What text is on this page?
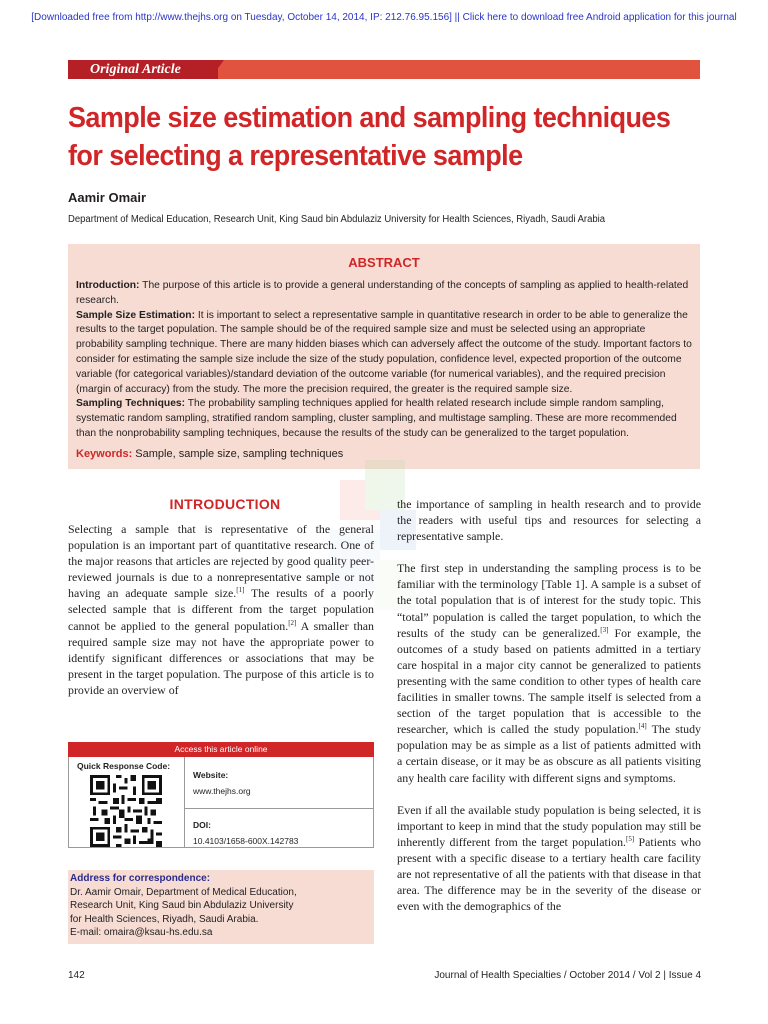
[Downloaded free from http://www.thejhs.org on Tuesday, October 14, 2014, IP: 212.76.95.156] || Click here to download free Android application for this journal
Original Article
Sample size estimation and sampling techniques
for selecting a representative sample
Aamir Omair
Department of Medical Education, Research Unit, King Saud bin Abdulaziz University for Health Sciences, Riyadh, Saudi Arabia
ABSTRACT

Introduction: The purpose of this article is to provide a general understanding of the concepts of sampling as applied to health-related research.

Sample Size Estimation: It is important to select a representative sample in quantitative research in order to be able to generalize the results to the target population. The sample should be of the required sample size and must be selected using an appropriate probability sampling technique. There are many hidden biases which can adversely affect the outcome of the study. Important factors to consider for estimating the sample size include the size of the study population, confidence level, expected proportion of the outcome variable (for categorical variables)/standard deviation of the outcome variable (for numerical variables), and the required precision (margin of accuracy) from the study. The more the precision required, the greater is the required sample size.

Sampling Techniques: The probability sampling techniques applied for health related research include simple random sampling, systematic random sampling, stratified random sampling, cluster sampling, and multistage sampling. These are more recommended than the nonprobability sampling techniques, because the results of the study can be generalized to the target population.

Keywords: Sample, sample size, sampling techniques
INTRODUCTION

Selecting a sample that is representative of the general population is an important part of quantitative research. One of the major reasons that articles are rejected by good quality peer-reviewed journals is due to a nonrepresentative sample or not having an adequate sample size.[1] The results of a poorly selected sample that is different from the target population cannot be applied to the general population.[2] A smaller than required sample size may not have the appropriate power to identify significant differences or associations that may be present in the target population. The purpose of this article is to provide an overview of

the importance of sampling in health research and to provide the readers with useful tips and resources for selecting a representative sample.

The first step in understanding the sampling process is to be familiar with the terminology [Table 1]. A sample is a subset of the total population that is of interest for the study topic. This “total” population is called the target population, to which the results of the study can be generalized.[3] For example, the outcomes of a study based on patients admitted in a tertiary care hospital in a major city cannot be generalized to patients presenting with the same condition to other types of health care facilities in smaller towns. The sample itself is selected from a section of the target population that is accessible to the researcher, which is called the study population.[4] The study population may be as simple as a list of patients admitted with a certain disease, or it may be as obscure as all patients visiting any health care facility with different signs and symptoms.

Even if all the available study population is being selected, it is important to keep in mind that the study population may still be inherently different from the target population.[5] Patients who present with a specific disease to a tertiary health care facility are not representative of all the patients with that disease in that area. The difference may be in the severity of the disease or even with the demographics of the

Access this article online
Quick Response Code:
Website:
www.thejhs.org
DOI:
10.4103/1658-600X.142783
Address for correspondence:
Dr. Aamir Omair, Department of Medical Education,
Research Unit, King Saud bin Abdulaziz University
for Health Sciences, Riyadh, Saudi Arabia.
E-mail: omaira@ksau-hs.edu.sa
142	Journal of Health Specialties / October 2014 / Vol 2 | Issue 4
